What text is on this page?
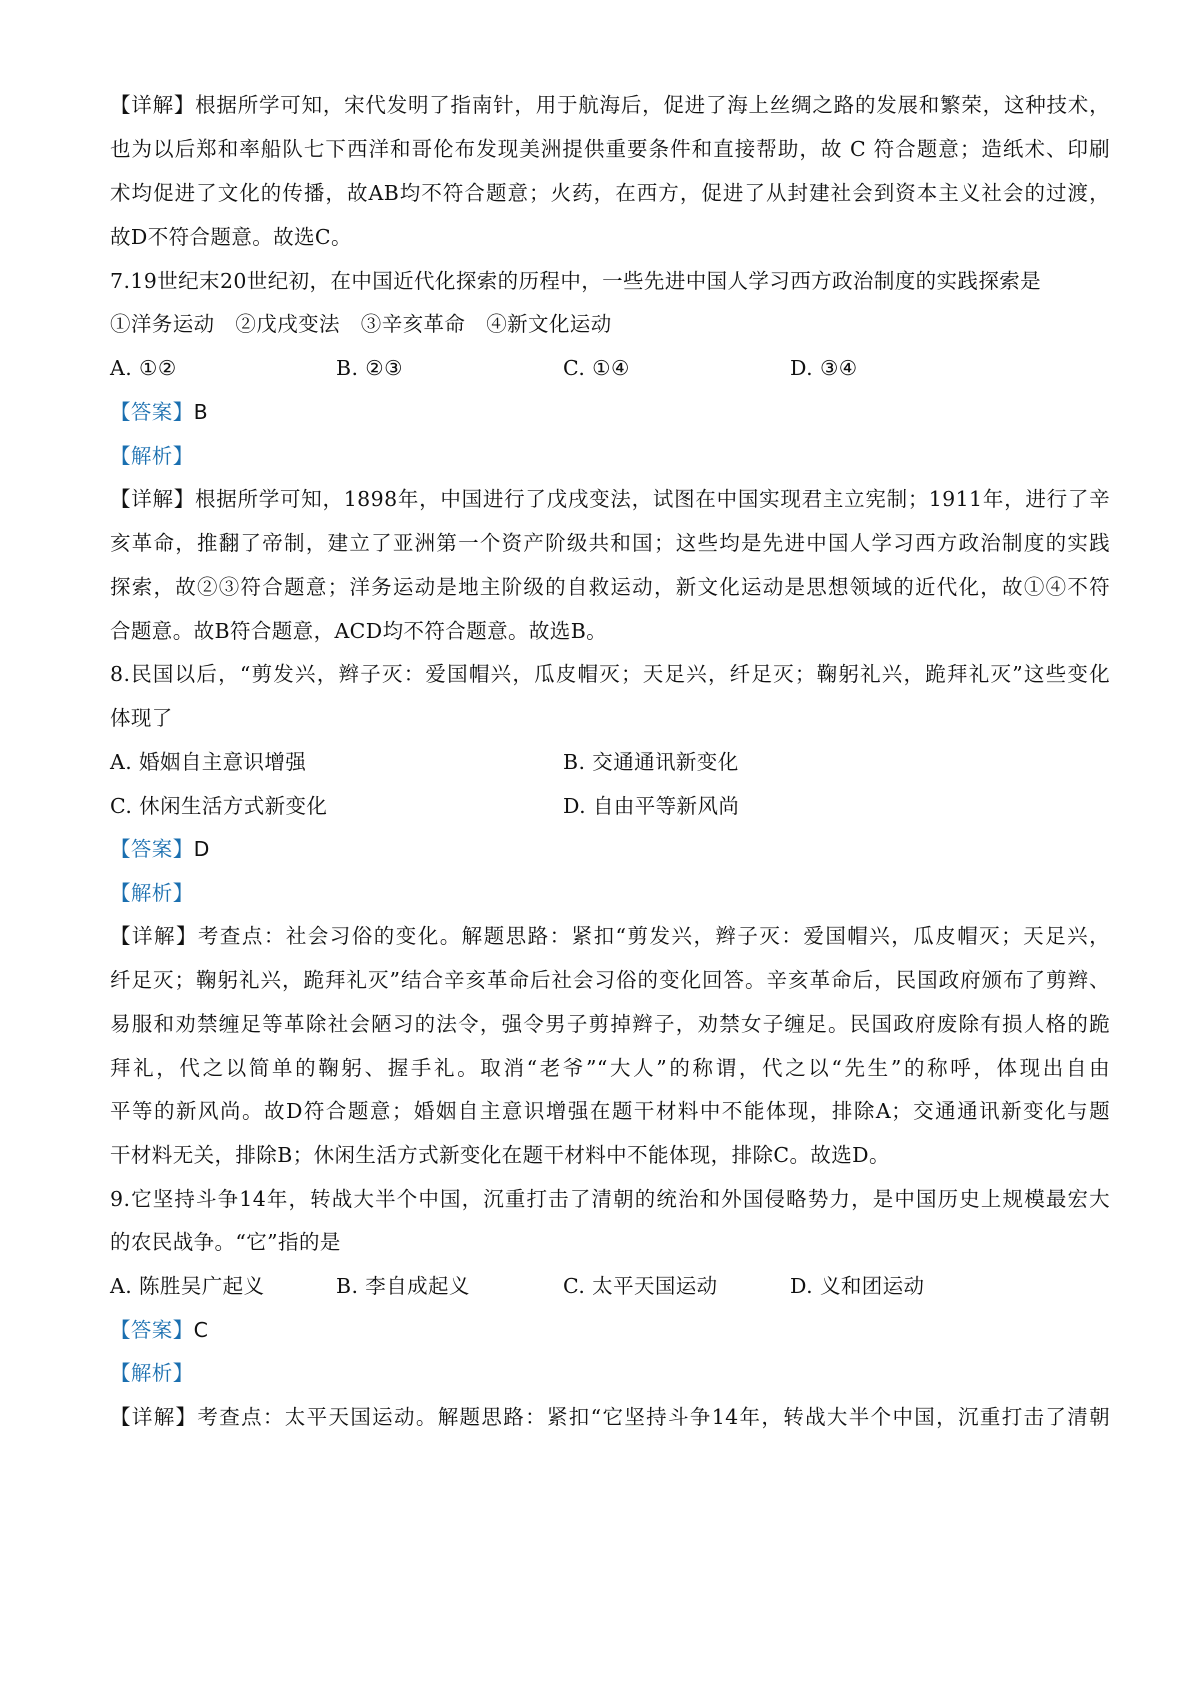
【详解】根据所学可知，宋代发明了指南针，用于航海后，促进了海上丝绸之路的发展和繁荣，这种技术，
也为以后郑和率船队七下西洋和哥伦布发现美洲提供重要条件和直接帮助，故 C 符合题意；造纸术、印刷
术均促进了文化的传播，故AB均不符合题意；火药，在西方，促进了从封建社会到资本主义社会的过渡，
故D不符合题意。故选C。
7.19世纪末20世纪初，在中国近代化探索的历程中，一些先进中国人学习西方政治制度的实践探索是
①洋务运动　②戊戌变法　③辛亥革命　④新文化运动
A. ①②	B. ②③	C. ①④	D. ③④
【答案】B
【解析】
【详解】根据所学可知，1898年，中国进行了戊戌变法，试图在中国实现君主立宪制；1911年，进行了辛
亥革命，推翻了帝制，建立了亚洲第一个资产阶级共和国；这些均是先进中国人学习西方政治制度的实践
探索，故②③符合题意；洋务运动是地主阶级的自救运动，新文化运动是思想领域的近代化，故①④不符
合题意。故B符合题意，ACD均不符合题意。故选B。
8.民国以后，“剪发兴，辫子灭：爱国帽兴，瓜皮帽灭；天足兴，纤足灭；鞠躬礼兴，跪拜礼灭”这些变化
体现了
A. 婚姻自主意识增强	B. 交通通讯新变化
C. 休闲生活方式新变化	D. 自由平等新风尚
【答案】D
【解析】
【详解】考查点：社会习俗的变化。解题思路：紧扣“剪发兴，辫子灭：爱国帽兴，瓜皮帽灭；天足兴，
纤足灭；鞠躬礼兴，跪拜礼灭”结合辛亥革命后社会习俗的变化回答。辛亥革命后，民国政府颁布了剪辫、
易服和劝禁缠足等革除社会陋习的法令，强令男子剪掉辫子，劝禁女子缠足。民国政府废除有损人格的跪
拜礼，代之以简单的鞠躬、握手礼。取消“老爷”“大人”的称谓，代之以“先生”的称呼，体现出自由
平等的新风尚。故D符合题意；婚姻自主意识增强在题干材料中不能体现，排除A；交通通讯新变化与题
干材料无关，排除B；休闲生活方式新变化在题干材料中不能体现，排除C。故选D。
9.它坚持斗争14年，转战大半个中国，沉重打击了清朝的统治和外国侵略势力，是中国历史上规模最宏大
的农民战争。“它”指的是
A. 陈胜吴广起义	B. 李自成起义	C. 太平天国运动	D. 义和团运动
【答案】C
【解析】
【详解】考查点：太平天国运动。解题思路：紧扣“它坚持斗争14年，转战大半个中国，沉重打击了清朝
